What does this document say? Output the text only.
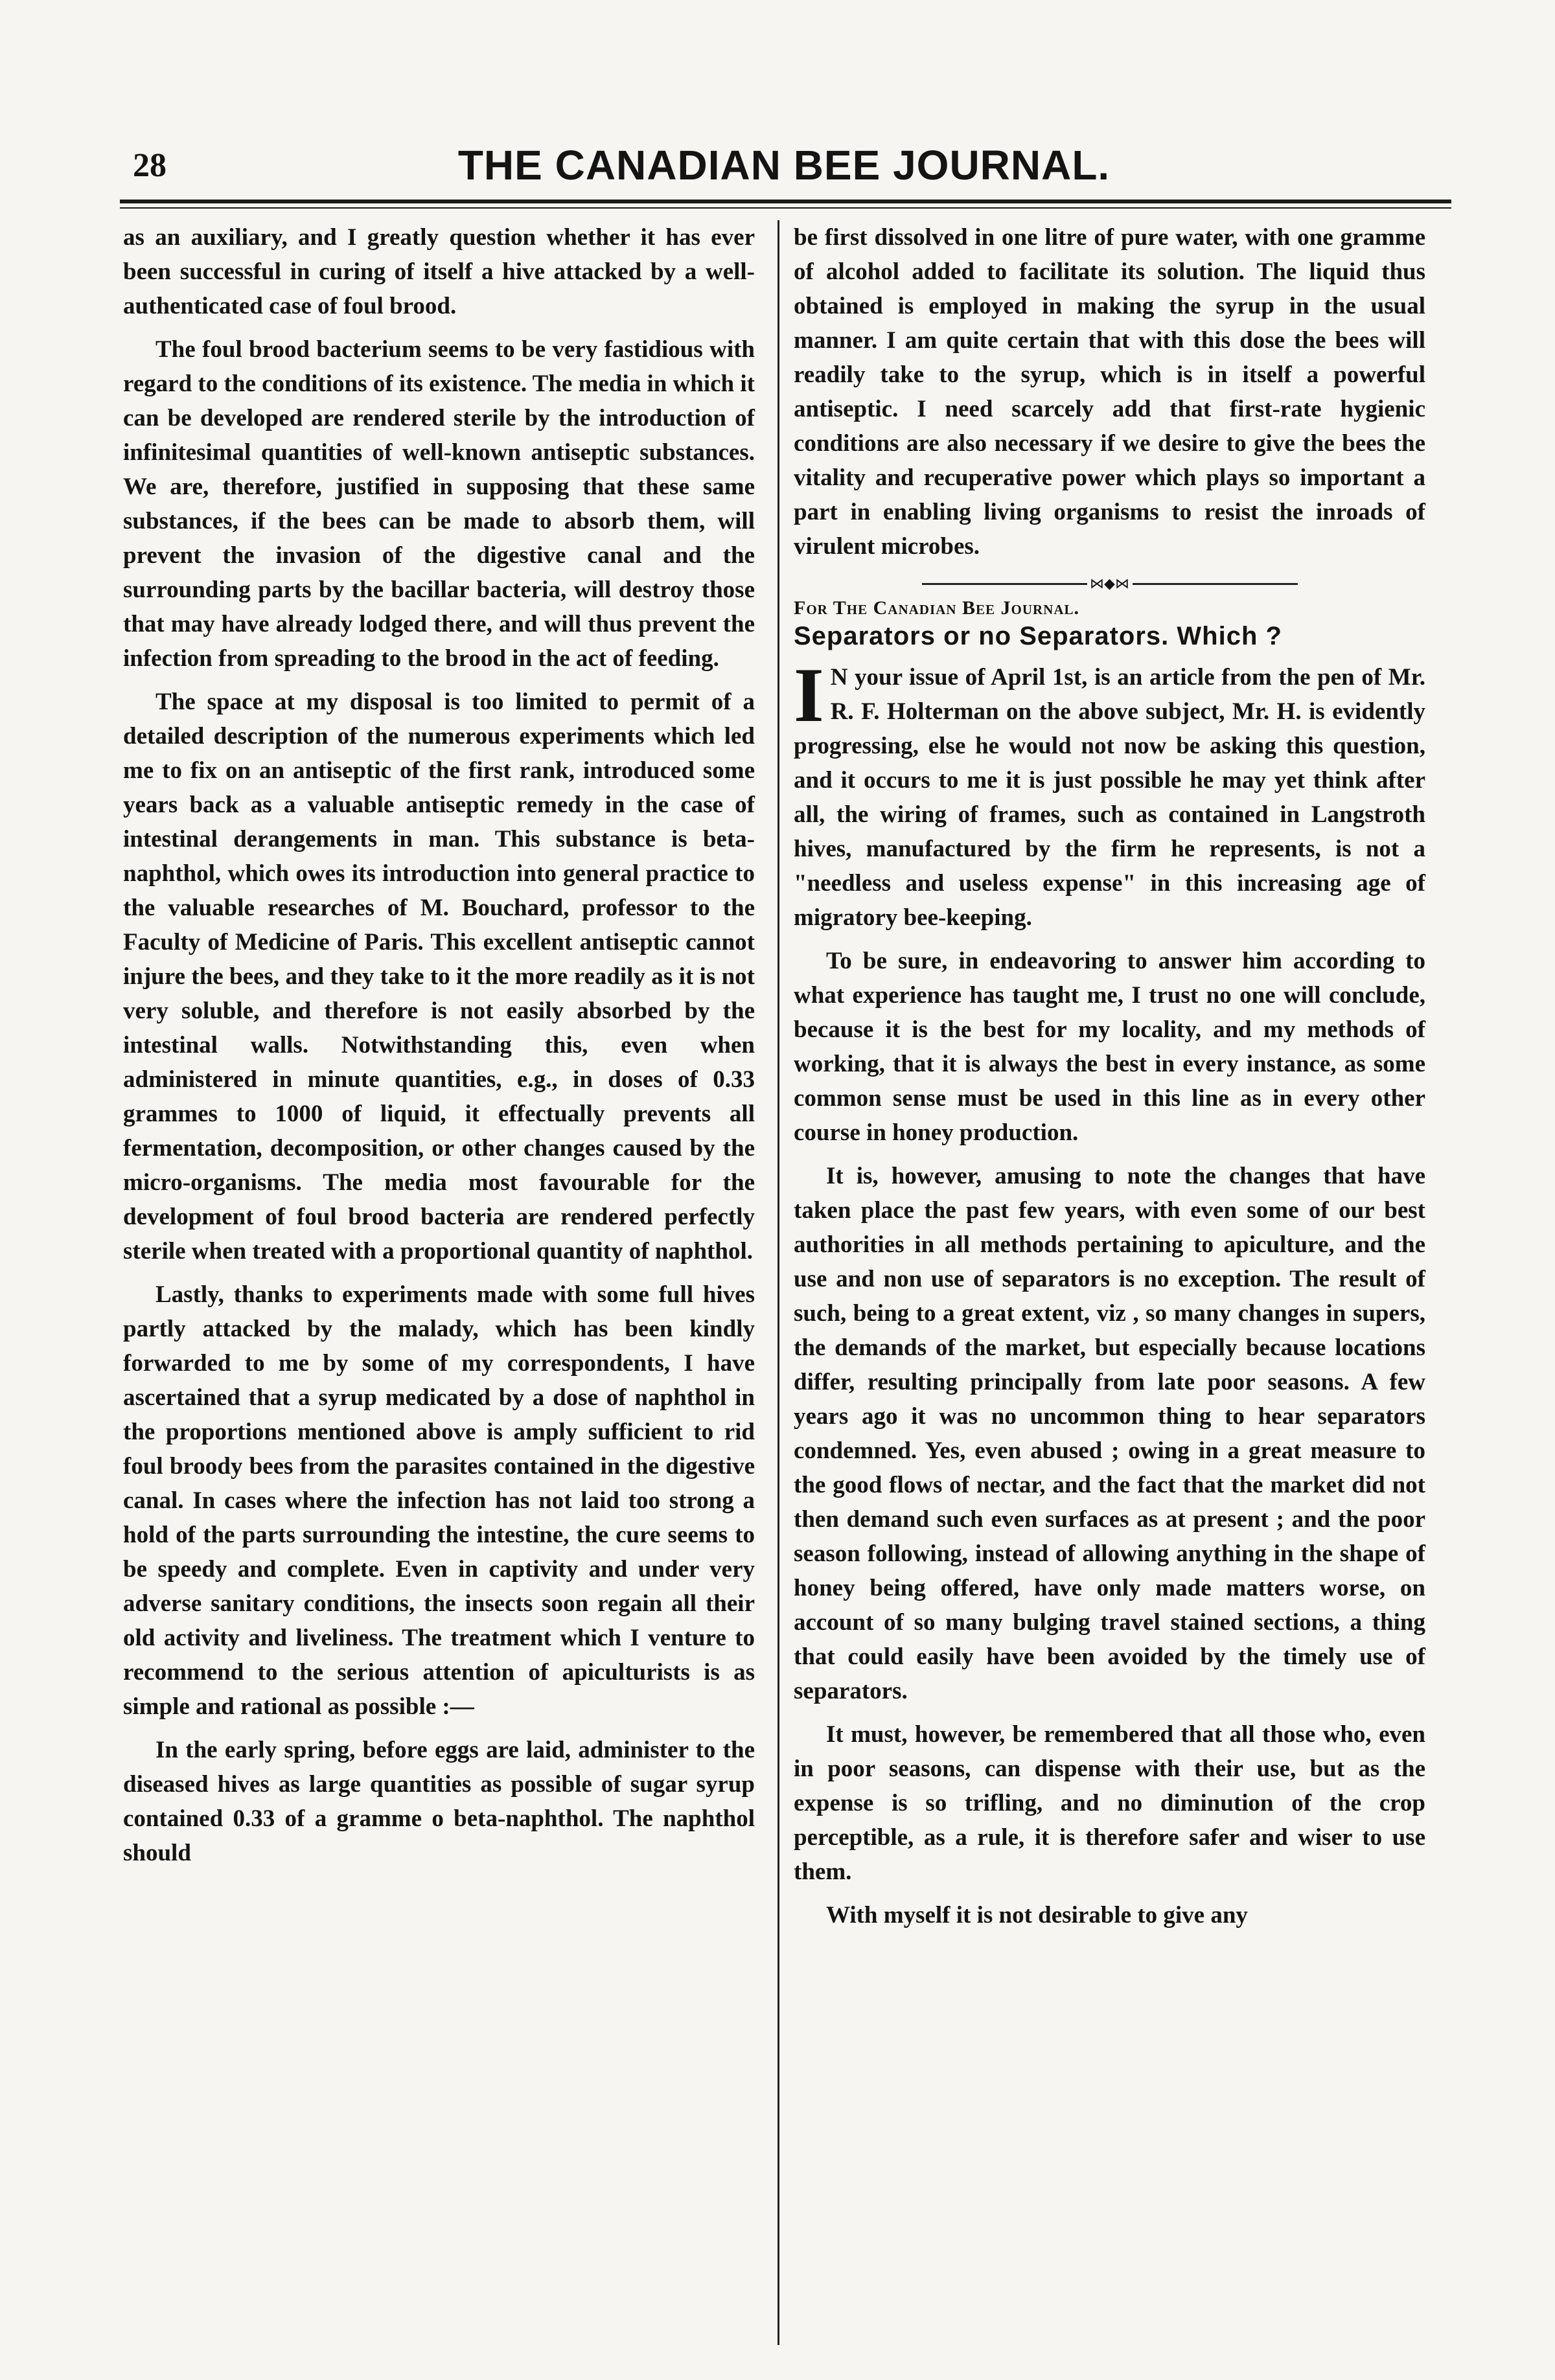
28	THE CANADIAN BEE JOURNAL.

as an auxiliary, and I greatly question whether it has ever been successful in curing of itself a hive attacked by a well-authenticated case of foul brood.

The foul brood bacterium seems to be very fastidious with regard to the conditions of its existence. The media in which it can be developed are rendered sterile by the introduction of infinitesimal quantities of well-known antiseptic substances. We are, therefore, justified in supposing that these same substances, if the bees can be made to absorb them, will prevent the invasion of the digestive canal and the surrounding parts by the bacillar bacteria, will destroy those that may have already lodged there, and will thus prevent the infection from spreading to the brood in the act of feeding.

The space at my disposal is too limited to permit of a detailed description of the numerous experiments which led me to fix on an antiseptic of the first rank, introduced some years back as a valuable antiseptic remedy in the case of intestinal derangements in man. This substance is beta-naphthol, which owes its introduction into general practice to the valuable researches of M. Bouchard, professor to the Faculty of Medicine of Paris. This excellent antiseptic cannot injure the bees, and they take to it the more readily as it is not very soluble, and therefore is not easily absorbed by the intestinal walls. Notwithstanding this, even when administered in minute quantities, e.g., in doses of 0.33 grammes to 1000 of liquid, it effectually prevents all fermentation, decomposition, or other changes caused by the micro-organisms. The media most favourable for the development of foul brood bacteria are rendered perfectly sterile when treated with a proportional quantity of naphthol.

Lastly, thanks to experiments made with some full hives partly attacked by the malady, which has been kindly forwarded to me by some of my correspondents, I have ascertained that a syrup medicated by a dose of naphthol in the proportions mentioned above is amply sufficient to rid foul broody bees from the parasites contained in the digestive canal. In cases where the infection has not laid too strong a hold of the parts surrounding the intestine, the cure seems to be speedy and complete. Even in captivity and under very adverse sanitary conditions, the insects soon regain all their old activity and liveliness. The treatment which I venture to recommend to the serious attention of apiculturists is as simple and rational as possible :—

In the early spring, before eggs are laid, administer to the diseased hives as large quantities as possible of sugar syrup contained 0.33 of a gramme o beta-naphthol. The naphthol should

be first dissolved in one litre of pure water, with one gramme of alcohol added to facilitate its solution. The liquid thus obtained is employed in making the syrup in the usual manner. I am quite certain that with this dose the bees will readily take to the syrup, which is in itself a powerful antiseptic. I need scarcely add that first-rate hygienic conditions are also necessary if we desire to give the bees the vitality and recuperative power which plays so important a part in enabling living organisms to resist the inroads of virulent microbes.

⋈◆⋈
For The Canadian Bee Journal.
Separators or no Separators. Which ?

I N your issue of April 1st, is an article from the pen of Mr. R. F. Holterman on the above subject, Mr. H. is evidently progressing, else he would not now be asking this question, and it occurs to me it is just possible he may yet think after all, the wiring of frames, such as contained in Langstroth hives, manufactured by the firm he represents, is not a "needless and useless expense" in this increasing age of migratory bee-keeping.

To be sure, in endeavoring to answer him according to what experience has taught me, I trust no one will conclude, because it is the best for my locality, and my methods of working, that it is always the best in every instance, as some common sense must be used in this line as in every other course in honey production.

It is, however, amusing to note the changes that have taken place the past few years, with even some of our best authorities in all methods pertaining to apiculture, and the use and non use of separators is no exception. The result of such, being to a great extent, viz , so many changes in supers, the demands of the market, but especially because locations differ, resulting principally from late poor seasons. A few years ago it was no uncommon thing to hear separators condemned. Yes, even abused ; owing in a great measure to the good flows of nectar, and the fact that the market did not then demand such even surfaces as at present ; and the poor season following, instead of allowing anything in the shape of honey being offered, have only made matters worse, on account of so many bulging travel stained sections, a thing that could easily have been avoided by the timely use of separators.

It must, however, be remembered that all those who, even in poor seasons, can dispense with their use, but as the expense is so trifling, and no diminution of the crop perceptible, as a rule, it is therefore safer and wiser to use them.

With myself it is not desirable to give any
